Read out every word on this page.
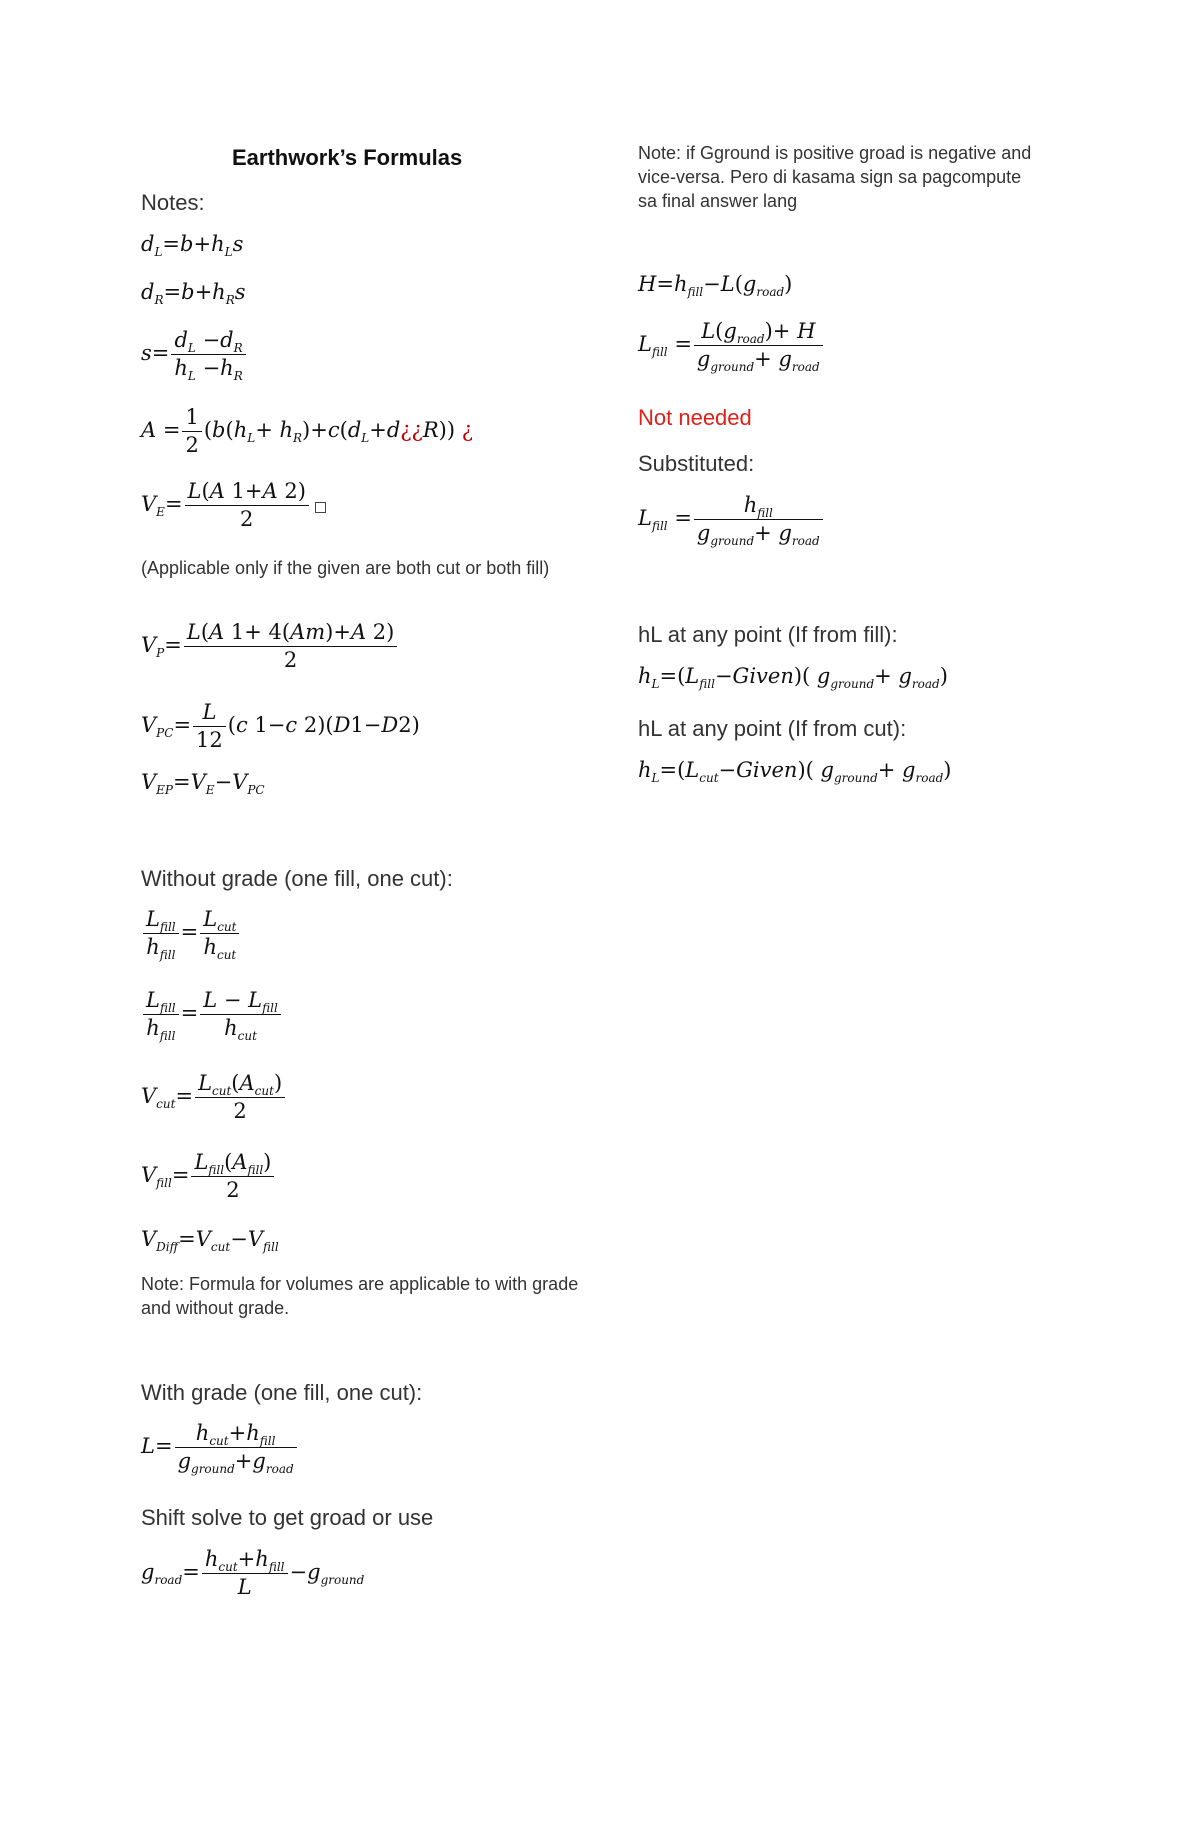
Earthwork’s Formulas
Notes:
$d_L=b+h_Ls$
$d_R=b+h_Rs$
$s= \frac{d_L -d_R}{h_L -h_R}$
$A = \frac{1}{2} (b(h_L+$ $h_R)+c(d_L+d¿¿R)$) ¿
$V_E= \frac{L(A 1+A 2)}{2}$
(Applicable only if the given are both cut or both fill)
$V_P= \frac{L(A 1+ 4(Am)+A 2)}{2}$
$V_{PC}= \frac{L}{12} (c$ 1−c 2)(D1−D2)
$V_{EP}=V_E-V_{PC}$
Without grade (one fill, one cut):
$\frac{L_{fill}}{h_{fill}} = \frac{L_{cut}}{h_{cut}}$
$\frac{L_{fill}}{h_{fill}} = \frac{L - L_{fill}}{h_{cut}}$
$V_{cut}= \frac{L_{cut}(A_{cut})}{2}$
$V_{fill}= \frac{L_{fill}(A_{fill})}{2}$
$V_{Diff}=V_{cut}-V_{fill}$
Note: Formula for volumes are applicable to with grade and without grade.
With grade (one fill, one cut):
$L= \frac{h_{cut}+h_{fill}}{g_{ground}+g_{road}}$
Shift solve to get groad or use
$g_{road}= \frac{h_{cut}+h_{fill}}{L} -g_{ground}$
Note: if Gground is positive groad is negative and vice-versa. Pero di kasama sign sa pagcompute sa final answer lang
$H=h_{fill}-L(g_{road})$
$L_{fill} = \frac{L(g_{road})+ H}{g_{ground}+ g_{road}}$
Not needed
Substituted:
$L_{fill} = \frac{h_{fill}}{g_{ground}+ g_{road}}$
hL at any point (If from fill):
$h_L=(L_{fill}-Given)$( $g_{ground}+ g_{road}$)
hL at any point (If from cut):
$h_L=(L_{cut}-Given)$( $g_{ground}+ g_{road}$)
